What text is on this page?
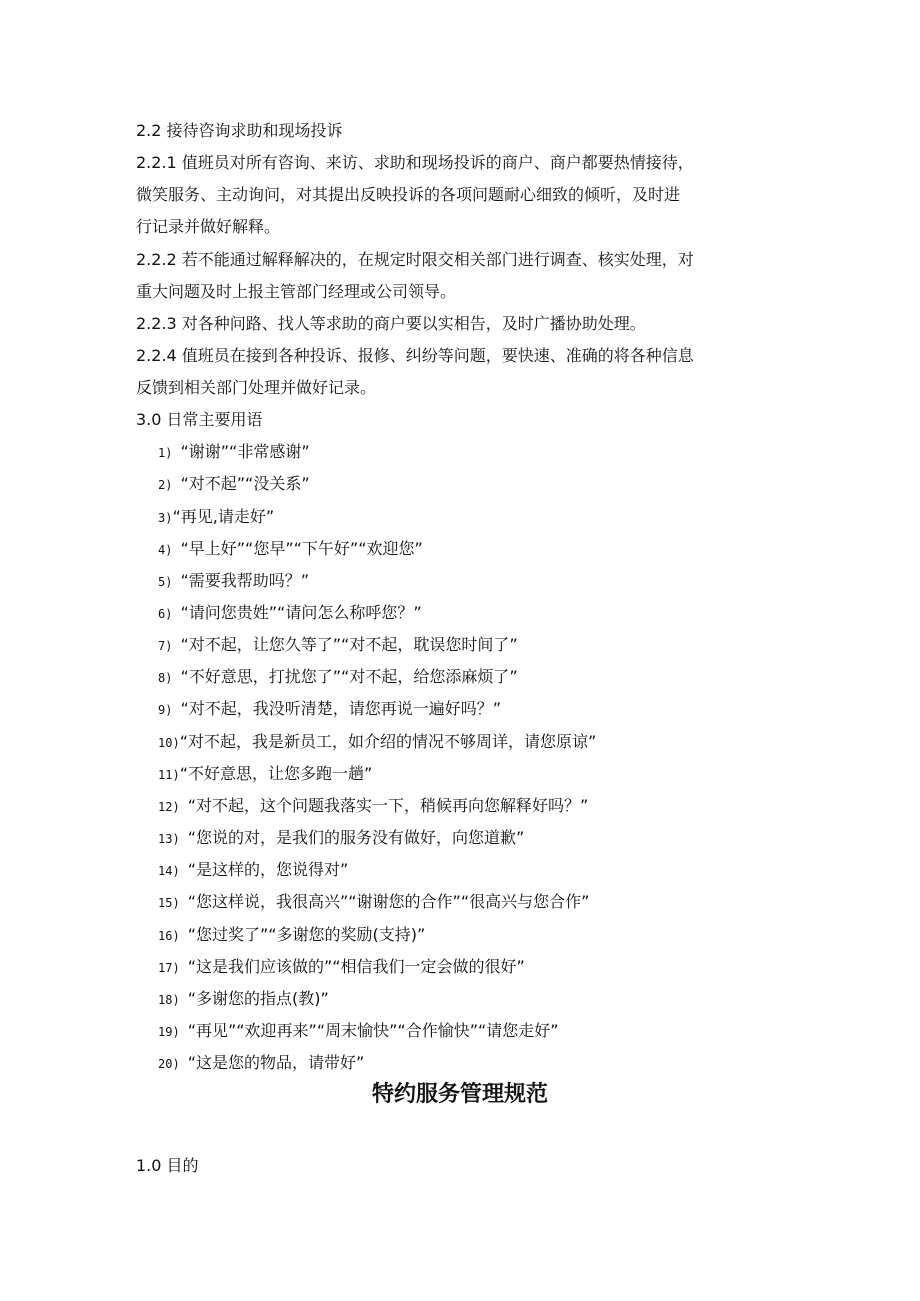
2.2 接待咨询求助和现场投诉
2.2.1 值班员对所有咨询、来访、求助和现场投诉的商户、商户都要热情接待，
微笑服务、主动询问，对其提出反映投诉的各项问题耐心细致的倾听，及时进
行记录并做好解释。
2.2.2 若不能通过解释解决的，在规定时限交相关部门进行调查、核实处理，对
重大问题及时上报主管部门经理或公司领导。
2.2.3 对各种问路、找人等求助的商户要以实相告，及时广播协助处理。
2.2.4 值班员在接到各种投诉、报修、纠纷等问题，要快速、准确的将各种信息
反馈到相关部门处理并做好记录。
3.0 日常主要用语
1) “谢谢”“非常感谢”
2) “对不起”“没关系”
3)“再见,请走好”
4) “早上好”“您早”“下午好”“欢迎您”
5) “需要我帮助吗？”
6) “请问您贵姓”“请问怎么称呼您？”
7) “对不起，让您久等了”“对不起，耽误您时间了”
8) “不好意思，打扰您了”“对不起，给您添麻烦了”
9) “对不起，我没听清楚，请您再说一遍好吗？”
10)“对不起，我是新员工，如介绍的情况不够周详，请您原谅”
11)“不好意思，让您多跑一趟”
12) “对不起，这个问题我落实一下，稍候再向您解释好吗？”
13) “您说的对，是我们的服务没有做好，向您道歉”
14) “是这样的，您说得对”
15) “您这样说，我很高兴”“谢谢您的合作”“很高兴与您合作”
16) “您过奖了”“多谢您的奖励(支持)”
17) “这是我们应该做的”“相信我们一定会做的很好”
18) “多谢您的指点(教)”
19) “再见”“欢迎再来”“周末愉快”“合作愉快”“请您走好”
20) “这是您的物品，请带好”
特约服务管理规范
1.0 目的
